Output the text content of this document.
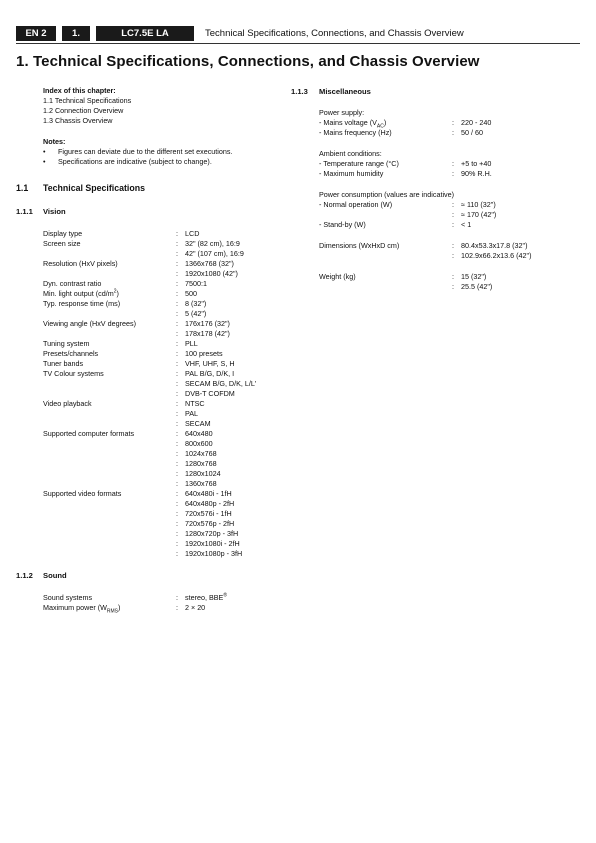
EN 2	1.	LC7.5E LA	Technical Specifications, Connections, and Chassis Overview
1. Technical Specifications, Connections, and Chassis Overview
Index of this chapter:
1.1 Technical Specifications
1.2 Connection Overview
1.3 Chassis Overview
Notes:
• Figures can deviate due to the different set executions.
• Specifications are indicative (subject to change).
1.1 Technical Specifications
1.1.1 Vision
Display type	: LCD
Screen size	: 32" (82 cm), 16:9
: 42" (107 cm), 16:9
Resolution (HxV pixels)	: 1366x768 (32")
: 1920x1080 (42")
Dyn. contrast ratio	: 7500:1
Min. light output $(cd/m^2)$	: 500
Typ. response time (ms)	: 8 (32")
: 5 (42")
Viewing angle (HxV degrees)	: 176x176 (32")
: 178x178 (42")
Tuning system	: PLL
Presets/channels	: 100 presets
Tuner bands	: VHF, UHF, S, H
TV Colour systems	: PAL B/G, D/K, I
: SECAM B/G, D/K, L/L'
: DVB-T COFDM
Video playback	: NTSC
: PAL
: SECAM
Supported computer formats	: 640x480
: 800x600
: 1024x768
: 1280x768
: 1280x1024
: 1360x768
Supported video formats	: 640x480i - 1fH
: 640x480p - 2fH
: 720x576i - 1fH
: 720x576p - 2fH
: 1280x720p - 3fH
: 1920x1080i - 2fH
: 1920x1080p - 3fH
1.1.2 Sound
Sound systems	: stereo, BBE®
Maximum power $(W_{RMS})$	: 2 × 20
1.1.3 Miscellaneous
Power supply:
- Mains voltage $(V_{AC})$	: 220 - 240
- Mains frequency (Hz)	: 50 / 60
Ambient conditions:
- Temperature range (°C)	: +5 to +40
- Maximum humidity	: 90% R.H.
Power consumption (values are indicative)
- Normal operation (W)	: ≈ 110 (32")
: ≈ 170 (42")
- Stand-by (W)	: < 1
Dimensions (WxHxD cm)	: 80.4x53.3x17.8 (32")
: 102.9x66.2x13.6 (42")
Weight (kg)	: 15 (32")
: 25.5 (42")
